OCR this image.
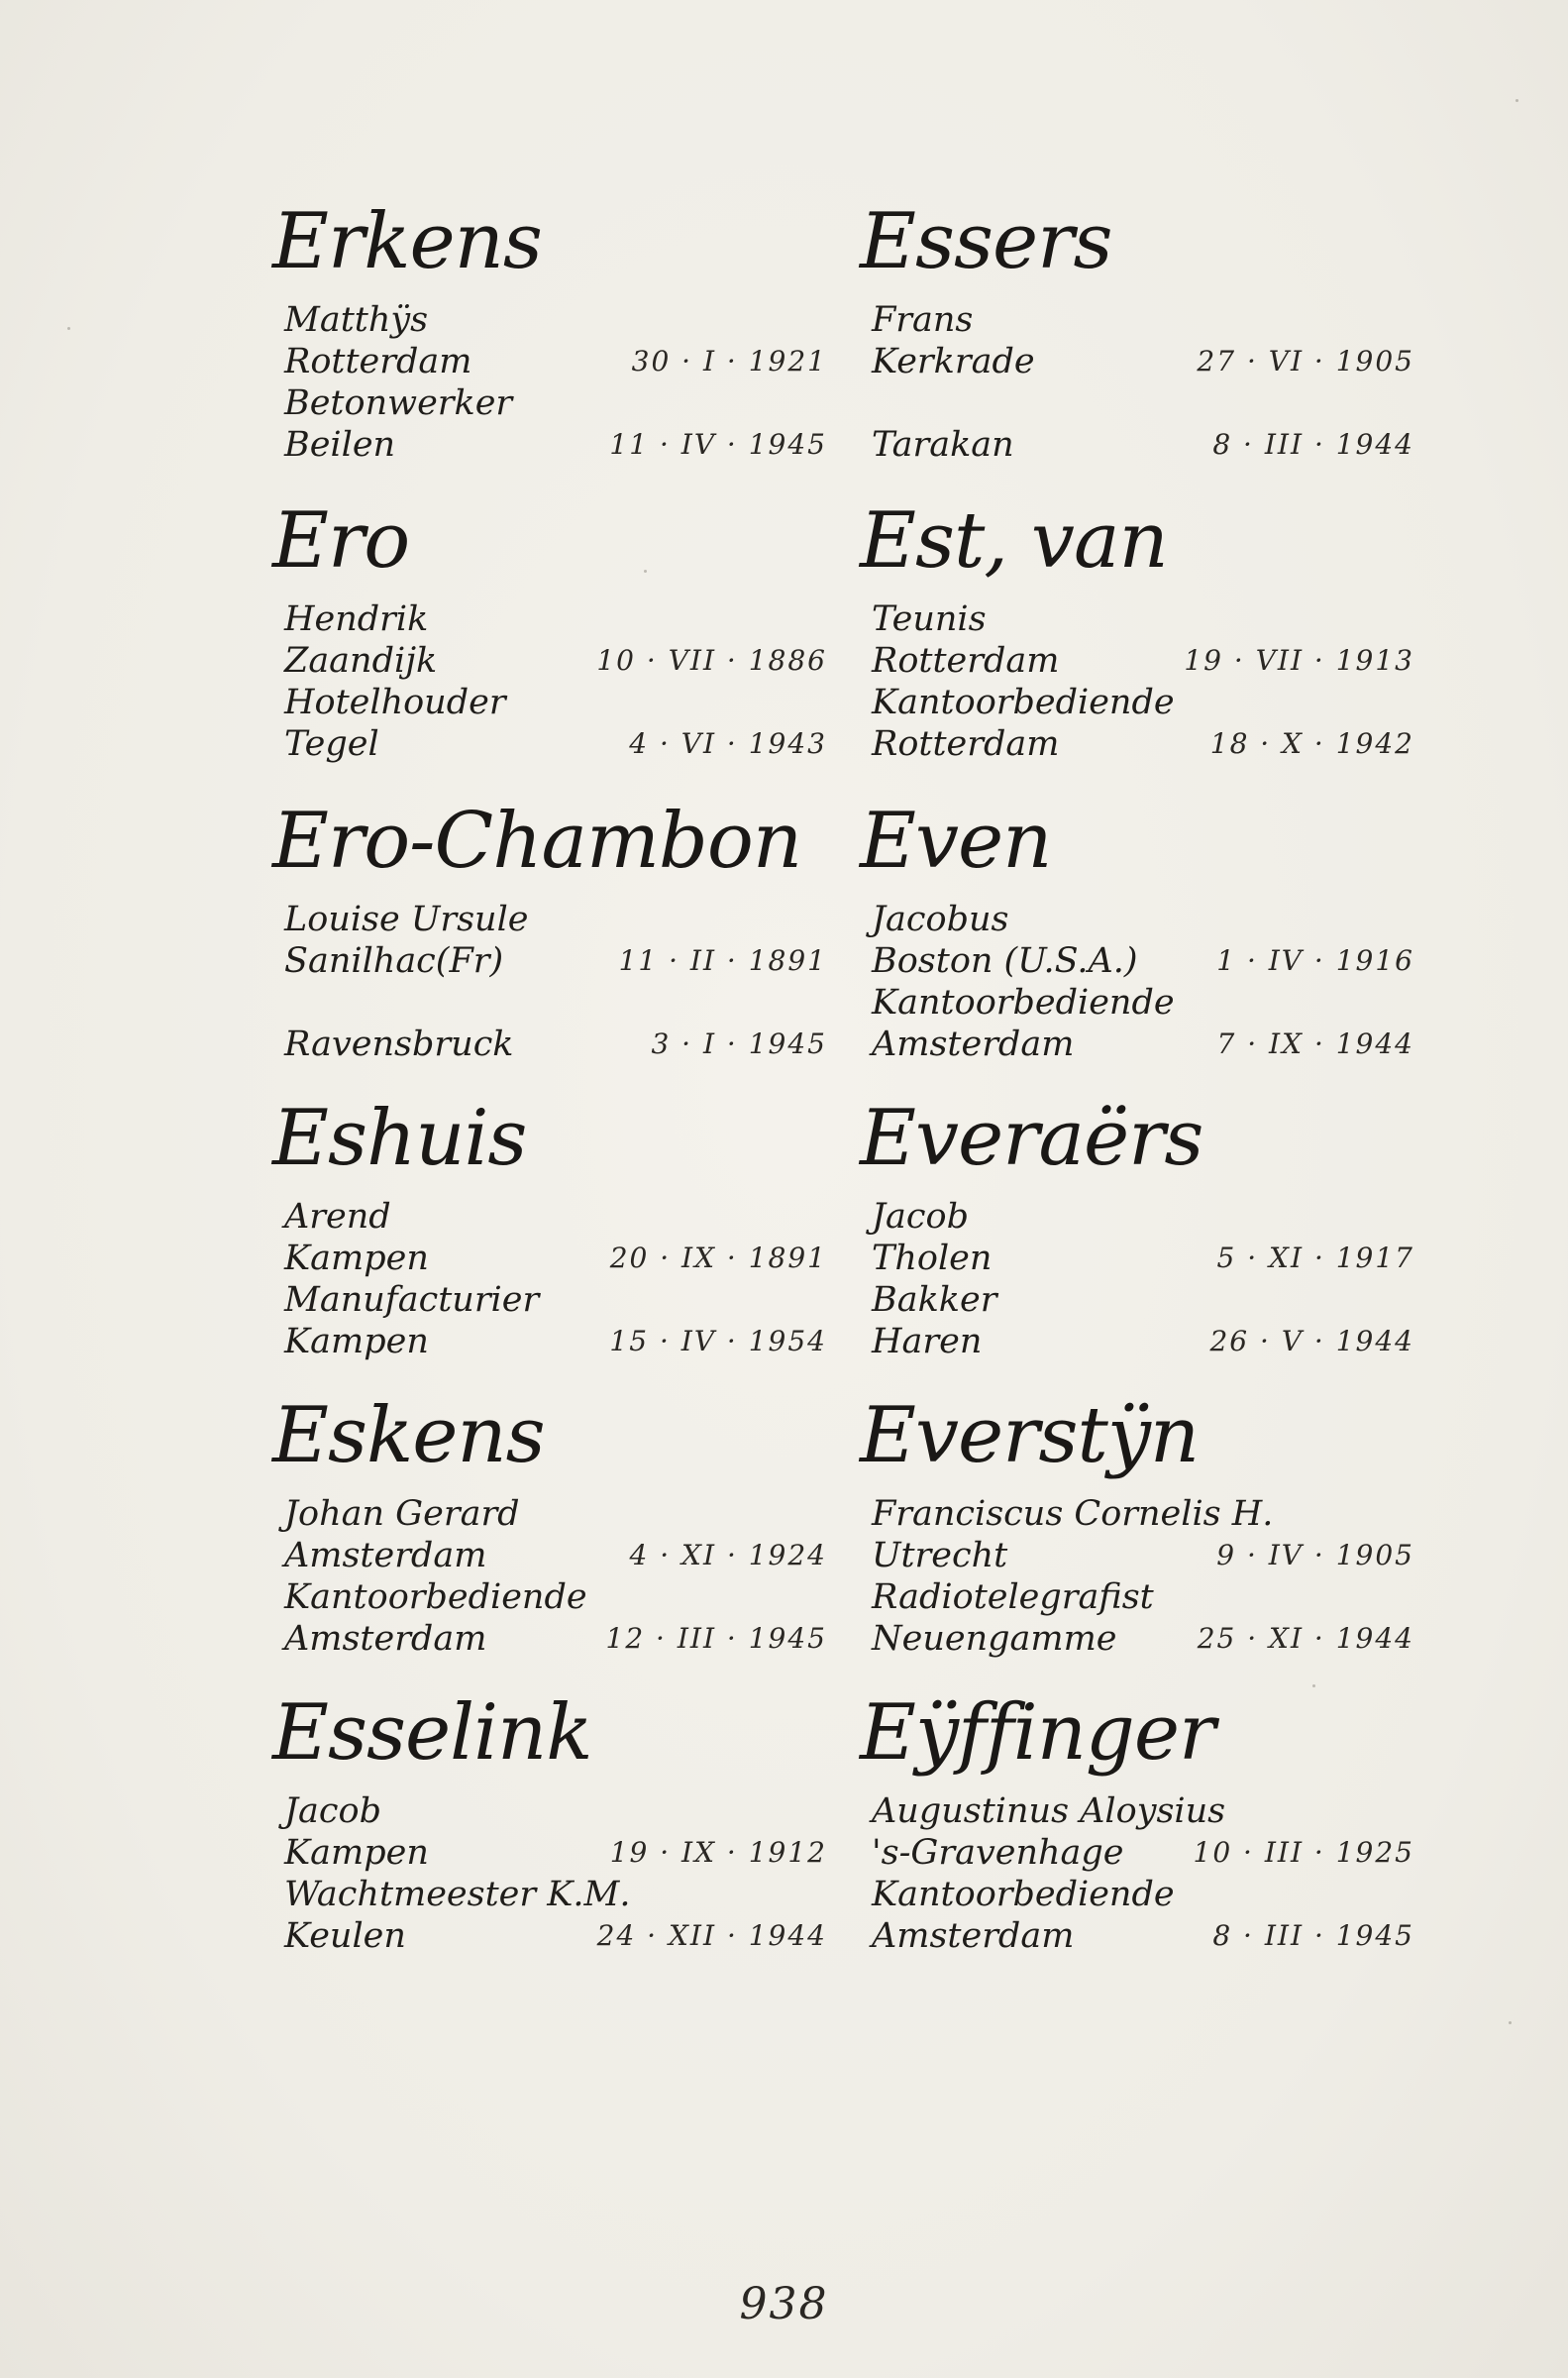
Erkens
Matthÿs
Rotterdam	30 · I · 1921
Betonwerker
Beilen	11 · IV · 1945
Ero
Hendrik
Zaandijk	10 · VII · 1886
Hotelhouder
Tegel	4 · VI · 1943
Ero-Chambon
Louise Ursule
Sanilhac(Fr)	11 · II · 1891
Ravensbruck	3 · I · 1945
Eshuis
Arend
Kampen	20 · IX · 1891
Manufacturier
Kampen	15 · IV · 1954
Eskens
Johan Gerard
Amsterdam	4 · XI · 1924
Kantoorbediende
Amsterdam	12 · III · 1945
Esselink
Jacob
Kampen	19 · IX · 1912
Wachtmeester K.M.
Keulen	24 · XII · 1944
Essers
Frans
Kerkrade	27 · VI · 1905
Tarakan	8 · III · 1944
Est, van
Teunis
Rotterdam	19 · VII · 1913
Kantoorbediende
Rotterdam	18 · X · 1942
Even
Jacobus
Boston (U.S.A.)	1 · IV · 1916
Kantoorbediende
Amsterdam	7 · IX · 1944
Everaërs
Jacob
Tholen	5 · XI · 1917
Bakker
Haren	26 · V · 1944
Everstÿn
Franciscus Cornelis H.
Utrecht	9 · IV · 1905
Radiotelegrafist
Neuengamme	25 · XI · 1944
Eÿffinger
Augustinus Aloysius
's-Gravenhage 10 · III · 1925
Kantoorbediende
Amsterdam	8 · III · 1945
938
